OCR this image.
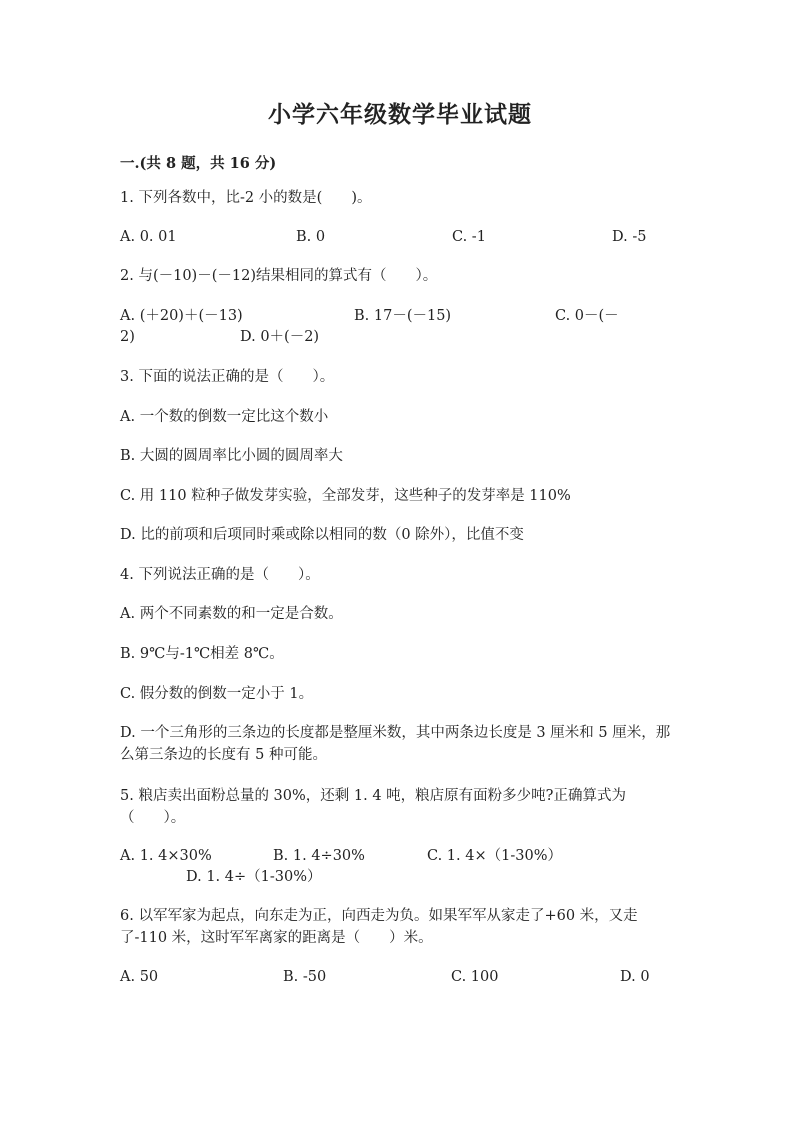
小学六年级数学毕业试题
一.(共 8 题，共 16 分)
1. 下列各数中，比-2 小的数是(　　)。
A. 0. 01	B. 0	C. -1	D. -5
2. 与(－10)－(－12)结果相同的算式有（　　）。
A. (＋20)＋(－13)	B. 17－(－15)	C. 0－(－
2)	D. 0＋(－2)
3. 下面的说法正确的是（　　）。
A. 一个数的倒数一定比这个数小
B. 大圆的圆周率比小圆的圆周率大
C. 用 110 粒种子做发芽实验，全部发芽，这些种子的发芽率是 110%
D. 比的前项和后项同时乘或除以相同的数（0 除外），比值不变
4. 下列说法正确的是（　　）。
A. 两个不同素数的和一定是合数。
B. 9℃与-1℃相差 8℃。
C. 假分数的倒数一定小于 1。
D. 一个三角形的三条边的长度都是整厘米数，其中两条边长度是 3 厘米和 5 厘米，那么第三条边的长度有 5 种可能。
5. 粮店卖出面粉总量的 30%，还剩 1. 4 吨，粮店原有面粉多少吨?正确算式为（　　）。
A. 1. 4×30%	B. 1. 4÷30%	C. 1. 4×（1-30%）
D. 1. 4÷（1-30%）
6. 以军军家为起点，向东走为正，向西走为负。如果军军从家走了+60 米，又走了-110 米，这时军军离家的距离是（　　）米。
A. 50	B. -50	C. 100	D. 0
